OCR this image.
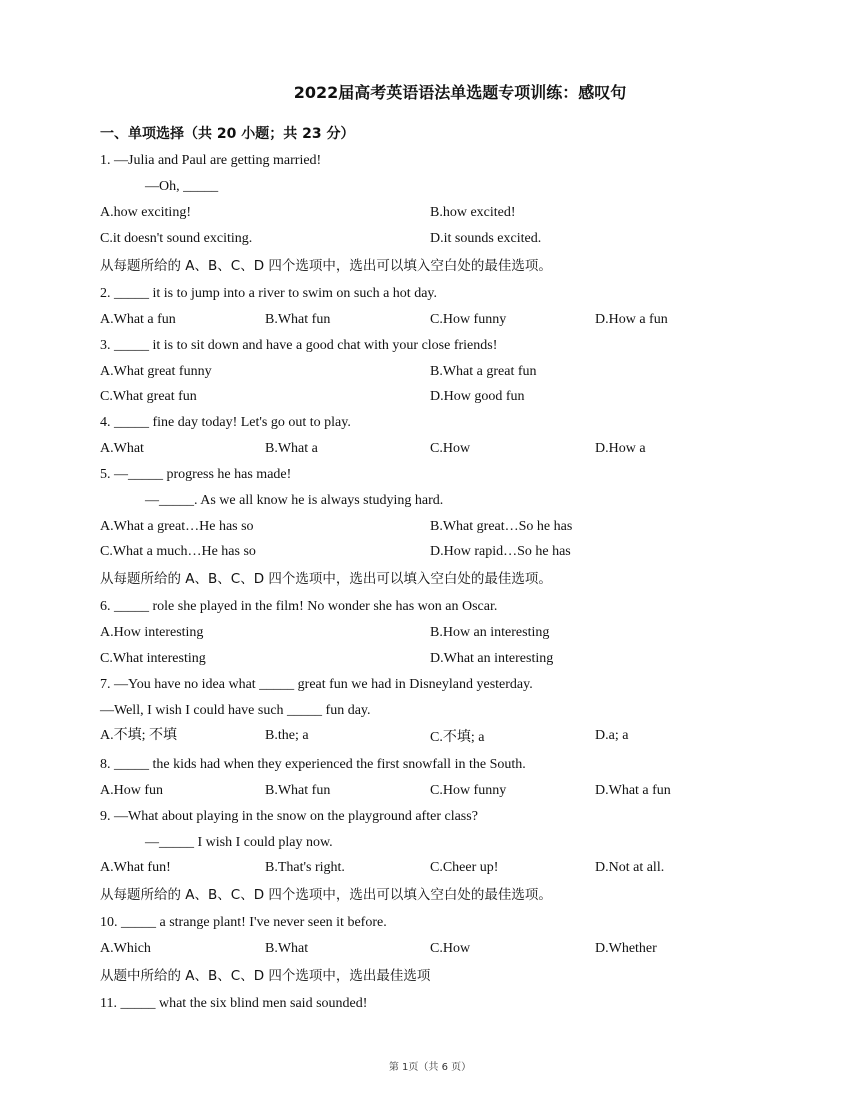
2022届高考英语语法单选题专项训练：感叹句
一、单项选择（共 20 小题；共 23 分）
1. —Julia and Paul are getting married!
—Oh, _____
A.how exciting!	B.how excited!
C.it doesn't sound exciting.	D.it sounds excited.
从每题所给的 A、B、C、D 四个选项中，选出可以填入空白处的最佳选项。
2. _____ it is to jump into a river to swim on such a hot day.
A.What a fun	B.What fun	C.How funny	D.How a fun
3. _____ it is to sit down and have a good chat with your close friends!
A.What great funny	B.What a great fun
C.What great fun	D.How good fun
4. _____ fine day today! Let's go out to play.
A.What	B.What a	C.How	D.How a
5. —_____ progress he has made!
—_____. As we all know he is always studying hard.
A.What a great…He has so	B.What great…So he has
C.What a much…He has so	D.How rapid…So he has
从每题所给的 A、B、C、D 四个选项中，选出可以填入空白处的最佳选项。
6. _____ role she played in the film! No wonder she has won an Oscar.
A.How interesting	B.How an interesting
C.What interesting	D.What an interesting
7. —You have no idea what _____ great fun we had in Disneyland yesterday.
—Well, I wish I could have such _____ fun day.
A.不填; 不填	B.the; a	C.不填; a	D.a; a
8. _____ the kids had when they experienced the first snowfall in the South.
A.How fun	B.What fun	C.How funny	D.What a fun
9. —What about playing in the snow on the playground after class?
—_____ I wish I could play now.
A.What fun!	B.That's right.	C.Cheer up!	D.Not at all.
从每题所给的 A、B、C、D 四个选项中，选出可以填入空白处的最佳选项。
10. _____ a strange plant! I've never seen it before.
A.Which	B.What	C.How	D.Whether
从题中所给的 A、B、C、D 四个选项中，选出最佳选项
11. _____ what the six blind men said sounded!
第 1页（共 6 页）
